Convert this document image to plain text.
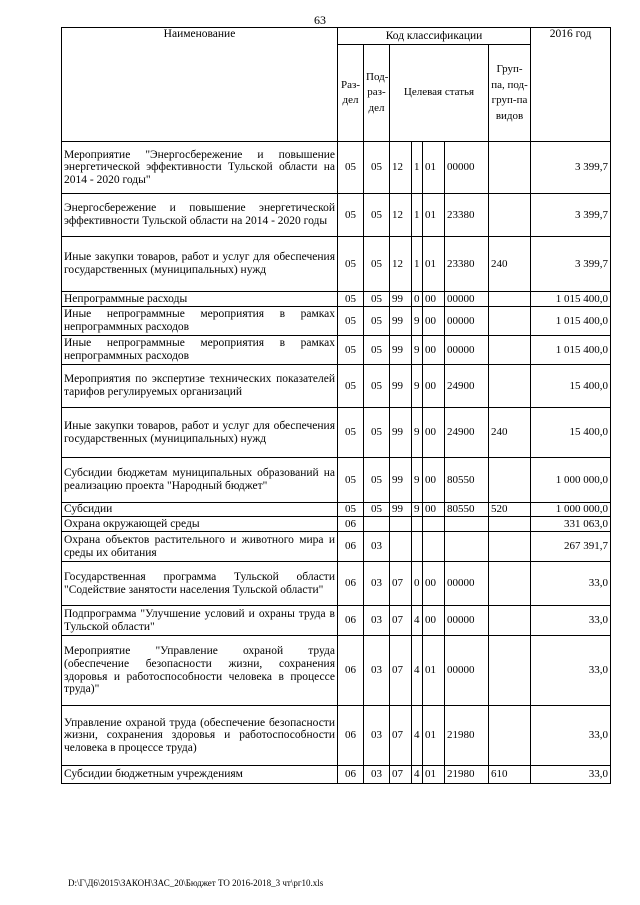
63
Наименование	Код классификации							2016 год
	Раз-дел	Под-раз-дел	Целевая статья				Груп-па, под-груп-па видов	
Мероприятие "Энергосбережение и повышение энергетической эффективности Тульской области на 2014 - 2020 годы"	05	05	12	1	01	00000		3 399,7
Энергосбережение и повышение энергетической эффективности Тульской области на 2014 - 2020 годы	05	05	12	1	01	23380		3 399,7
Иные закупки товаров, работ и услуг для обеспечения государственных (муниципальных) нужд	05	05	12	1	01	23380	240	3 399,7
Непрограммные расходы	05	05	99	0	00	00000		1 015 400,0
Иные непрограммные мероприятия в рамках непрограммных расходов	05	05	99	9	00	00000		1 015 400,0
Иные непрограммные мероприятия в рамках непрограммных расходов	05	05	99	9	00	00000		1 015 400,0
Мероприятия по экспертизе технических показателей тарифов регулируемых организаций	05	05	99	9	00	24900		15 400,0
Иные закупки товаров, работ и услуг для обеспечения государственных (муниципальных) нужд	05	05	99	9	00	24900	240	15 400,0
Субсидии бюджетам муниципальных образований на реализацию проекта "Народный бюджет"	05	05	99	9	00	80550		1 000 000,0
Субсидии	05	05	99	9	00	80550	520	1 000 000,0
Охрана окружающей среды	06							331 063,0
Охрана объектов растительного и животного мира и среды их обитания	06	03						267 391,7
Государственная программа Тульской области "Содействие занятости населения Тульской области"	06	03	07	0	00	00000		33,0
Подпрограмма "Улучшение условий и охраны труда в Тульской области"	06	03	07	4	00	00000		33,0
Мероприятие "Управление охраной труда (обеспечение безопасности жизни, сохранения здоровья и работоспособности человека в процессе труда)"	06	03	07	4	01	00000		33,0
Управление охраной труда (обеспечение безопасности жизни, сохранения здоровья и работоспособности человека в процессе труда)	06	03	07	4	01	21980		33,0
Субсидии бюджетным учреждениям	06	03	07	4	01	21980	610	33,0
D:\Г\Д6\2015\ЗАКОН\ЗАС_20\Бюджет ТО 2016-2018_3 чт\рг10.xls
